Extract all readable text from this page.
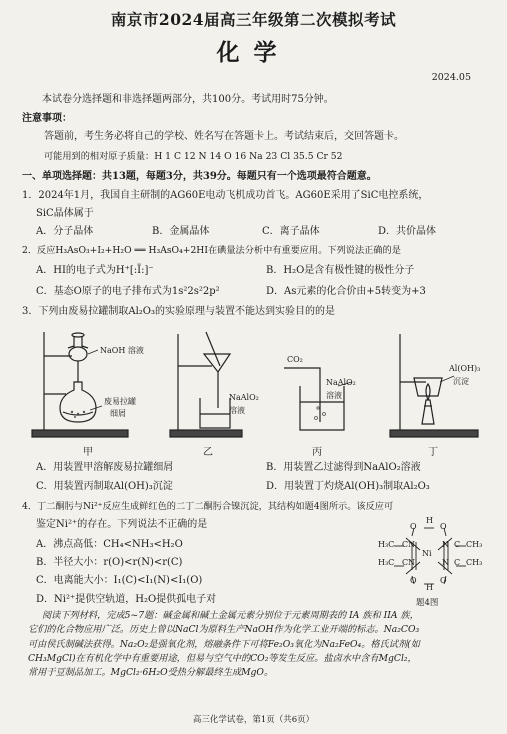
南京市2024届高三年级第二次模拟考试
化学
2024.05
本试卷分选择题和非选择题两部分，共100分。考试用时75分钟。
注意事项：
答题前，考生务必将自己的学校、姓名写在答题卡上。考试结束后，交回答题卡。
可能用到的相对原子质量：H 1 C 12 N 14 O 16 Na 23 Cl 35.5 Cr 52
一、单项选择题：共13题，每题3分，共39分。每题只有一个选项最符合题意。
1．2024年1月，我国自主研制的AG60E电动飞机成功首飞。AG60E采用了SiC电控系统，
SiC晶体属于
A．分子晶体	B．金属晶体	C．离子晶体	D．共价晶体
2．反应H₃AsO₃+I₂+H₂O ══ H₃AsO₄+2HI在碘量法分析中有重要应用。下列说法正确的是
A．HI的电子式为H⁺[:Ï:]⁻	B．H₂O是含有极性键的极性分子
C．基态O原子的电子排布式为1s²2s²2p²	D．As元素的化合价由+5转变为+3
3．下列由废易拉罐制取Al₂O₃的实验原理与装置不能达到实验目的的是
NaOH 溶液
废易拉罐
细屑
NaAlO₂
溶液
CO₂
NaAlO₂
溶液
Al(OH)₃
沉淀
甲	乙	丙	丁
A．用装置甲溶解废易拉罐细屑	B．用装置乙过滤得到NaAlO₂溶液
C．用装置丙制取Al(OH)₃沉淀	D．用装置丁灼烧Al(OH)₃制取Al₂O₃
4．丁二酮肟与Ni²⁺反应生成鲜红色的二丁二酮肟合镍沉淀，其结构如题4图所示。该反应可
鉴定Ni²⁺的存在。下列说法不正确的是
A．沸点高低：CH₄<NH₃<H₂O
B．半径大小：r(O)<r(N)<r(C)
C．电离能大小：I₁(C)<I₁(N)<I₁(O)
D．Ni²⁺提供空轨道，H₂O提供孤电子对
H
O	O
N	N
Ni
N	N
O	O
H
C
C
C
C
H₃C
H₃C
CH₃
CH₃
题4图
阅读下列材料，完成5~7题：碱金属和碱土金属元素分别位于元素周期表的 IA 族和 IIA 族，
它们的化合物应用广泛。历史上曾以NaCl为原料生产NaOH作为化学工业开端的标志。Na₂CO₃
可由侯氏制碱法获得。Na₂O₂是强氧化剂，熔融条件下可将Fe₂O₃氧化为Na₂FeO₄。格氏试剂(如
CH₃MgCl)在有机化学中有重要用途，但易与空气中的CO₂等发生反应。盐卤水中含有MgCl₂，
常用于豆制品加工。MgCl₂·6H₂O受热分解最终生成MgO。
高三化学试卷，第1页（共6页）
